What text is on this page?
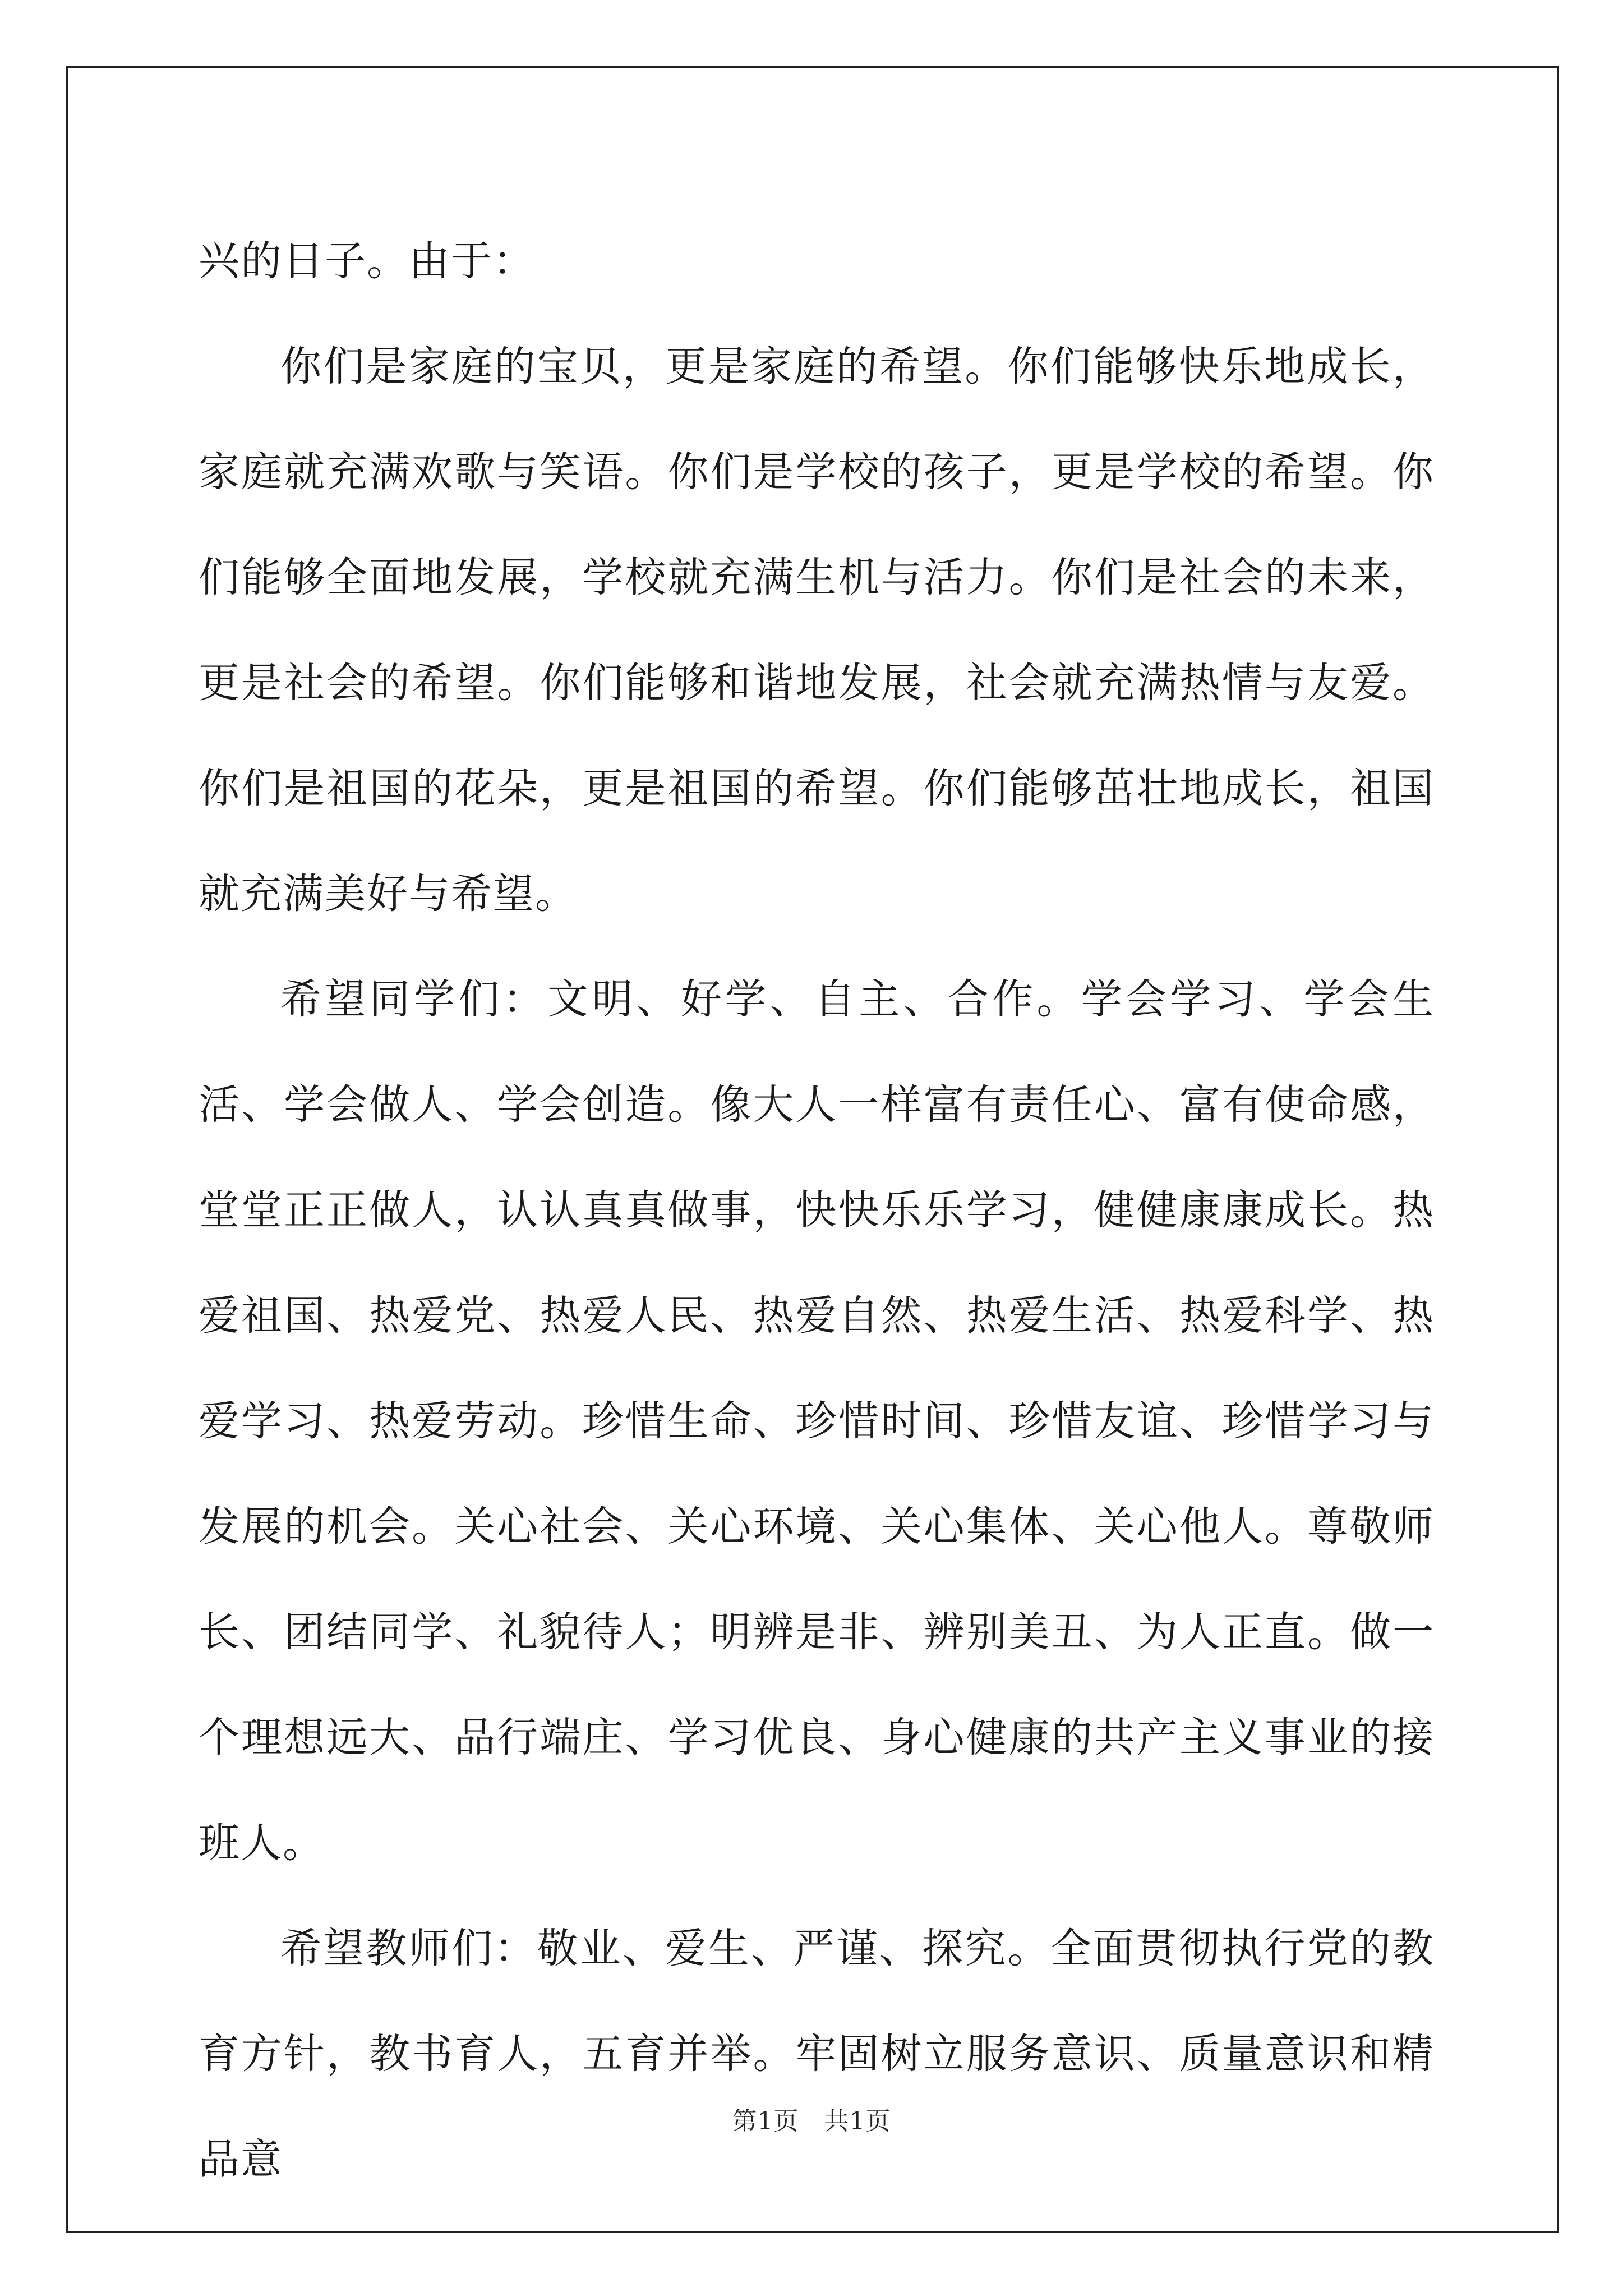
兴的日子。由于：

你们是家庭的宝贝，更是家庭的希望。你们能够快乐地成长，家庭就充满欢歌与笑语。你们是学校的孩子，更是学校的希望。你们能够全面地发展，学校就充满生机与活力。你们是社会的未来，更是社会的希望。你们能够和谐地发展，社会就充满热情与友爱。你们是祖国的花朵，更是祖国的希望。你们能够茁壮地成长，祖国就充满美好与希望。

希望同学们：文明、好学、自主、合作。学会学习、学会生活、学会做人、学会创造。像大人一样富有责任心、富有使命感，堂堂正正做人，认认真真做事，快快乐乐学习，健健康康成长。热爱祖国、热爱党、热爱人民、热爱自然、热爱生活、热爱科学、热爱学习、热爱劳动。珍惜生命、珍惜时间、珍惜友谊、珍惜学习与发展的机会。关心社会、关心环境、关心集体、关心他人。尊敬师长、团结同学、礼貌待人；明辨是非、辨别美丑、为人正直。做一个理想远大、品行端庄、学习优良、身心健康的共产主义事业的接班人。

希望教师们：敬业、爱生、严谨、探究。全面贯彻执行党的教育方针，教书育人，五育并举。牢固树立服务意识、质量意识和精品意

第1页　共1页
